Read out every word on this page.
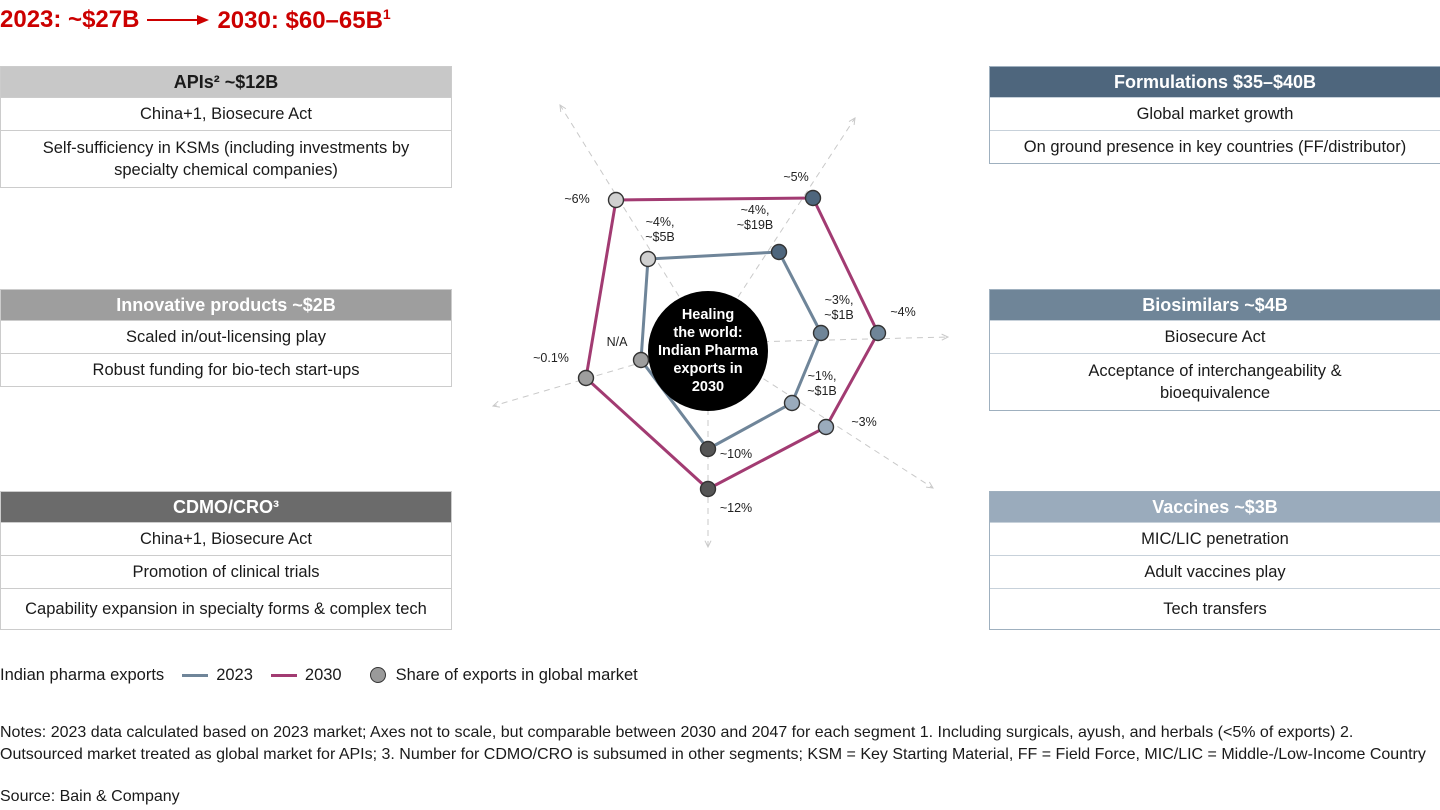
2023: ~$27B	2030: $\$60-65B^1$
APIs² ~$12B
China+1, Biosecure Act
Self-sufficiency in KSMs (including investments by specialty chemical companies)
Innovative products ~$2B
Scaled in/out-licensing play
Robust funding for bio-tech start-ups
CDMO/CRO³
China+1, Biosecure Act
Promotion of clinical trials
Capability expansion in specialty forms & complex tech
Formulations $35–$40B
Global market growth
On ground presence in key countries (FF/distributor)
Biosimilars ~$4B
Biosecure Act
Acceptance of interchangeability & bioequivalence
Vaccines ~$3B
MIC/LIC penetration
Adult vaccines play
Tech transfers
Healing the world: Indian Pharma exports in 2030
~4%, ~$19B
~3%, ~$1B
~1%, ~$1B
~10%
N/A
~4%, ~$5B
~5%
~4%
~3%
~12%
~0.1%
~6%
Indian pharma exports	2023	2030	Share of exports in global market
Notes: 2023 data calculated based on 2023 market; Axes not to scale, but comparable between 2030 and 2047 for each segment 1. Including surgicals, ayush, and herbals (<5% of exports) 2. Outsourced market treated as global market for APIs; 3. Number for CDMO/CRO is subsumed in other segments; KSM = Key Starting Material, FF = Field Force, MIC/LIC = Middle-/Low-Income Country
Source: Bain & Company
